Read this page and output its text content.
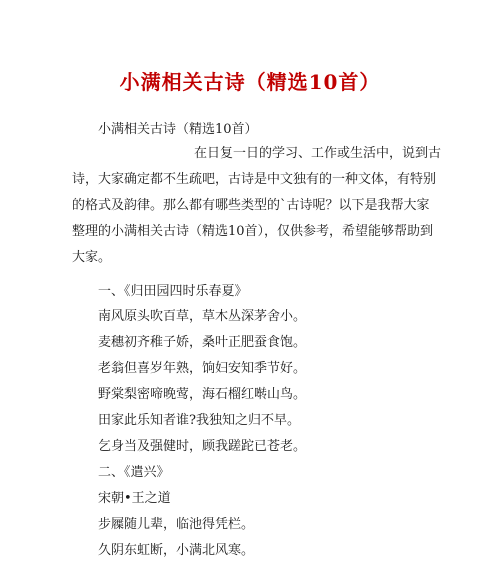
小满相关古诗（精选10首）
小满相关古诗（精选10首）
在日复一日的学习、工作或生活中，说到古诗，大家确定都不生疏吧，古诗是中文独有的一种文体，有特别的格式及韵律。那么都有哪些类型的`古诗呢？以下是我帮大家整理的小满相关古诗（精选10首），仅供参考，希望能够帮助到大家。
一、《归田园四时乐春夏》
南风原头吹百草，草木丛深茅舍小。
麦穗初齐稚子娇，桑叶正肥蚕食饱。
老翁但喜岁年熟，饷妇安知季节好。
野棠梨密啼晚莺，海石榴红啭山鸟。
田家此乐知者谁?我独知之归不早。
乞身当及强健时，顾我蹉跎已苍老。
二、《遣兴》
宋朝•王之道
步屧随儿辈，临池得凭栏。
久阴东虹断，小满北风寒。
